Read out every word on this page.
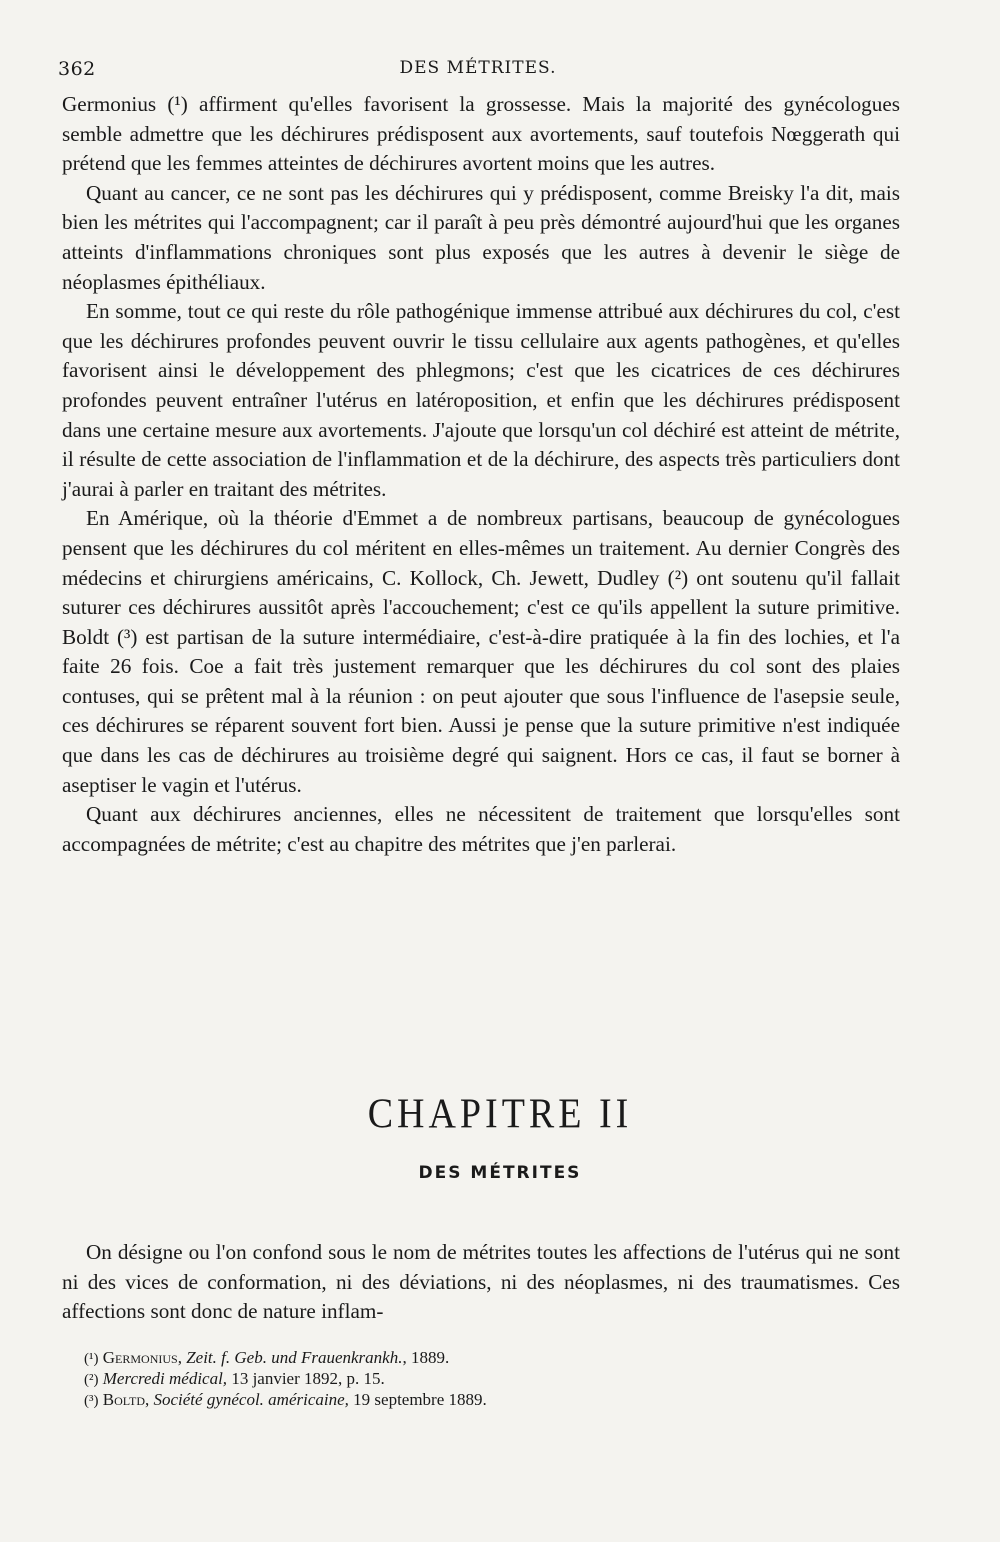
362	DES MÉTRITES.

Germonius (¹) affirment qu'elles favorisent la grossesse. Mais la majorité des gynécologues semble admettre que les déchirures prédisposent aux avortements, sauf toutefois Nœggerath qui prétend que les femmes atteintes de déchirures avortent moins que les autres.

Quant au cancer, ce ne sont pas les déchirures qui y prédisposent, comme Breisky l'a dit, mais bien les métrites qui l'accompagnent; car il paraît à peu près démontré aujourd'hui que les organes atteints d'inflammations chroniques sont plus exposés que les autres à devenir le siège de néoplasmes épithéliaux.

En somme, tout ce qui reste du rôle pathogénique immense attribué aux déchirures du col, c'est que les déchirures profondes peuvent ouvrir le tissu cellulaire aux agents pathogènes, et qu'elles favorisent ainsi le développement des phlegmons; c'est que les cicatrices de ces déchirures profondes peuvent entraîner l'utérus en latéroposition, et enfin que les déchirures prédisposent dans une certaine mesure aux avortements. J'ajoute que lorsqu'un col déchiré est atteint de métrite, il résulte de cette association de l'inflammation et de la déchirure, des aspects très particuliers dont j'aurai à parler en traitant des métrites.

En Amérique, où la théorie d'Emmet a de nombreux partisans, beaucoup de gynécologues pensent que les déchirures du col méritent en elles-mêmes un traitement. Au dernier Congrès des médecins et chirurgiens américains, C. Kollock, Ch. Jewett, Dudley (²) ont soutenu qu'il fallait suturer ces déchirures aussitôt après l'accouchement; c'est ce qu'ils appellent la suture primitive. Boldt (³) est partisan de la suture intermédiaire, c'est-à-dire pratiquée à la fin des lochies, et l'a faite 26 fois. Coe a fait très justement remarquer que les déchirures du col sont des plaies contuses, qui se prêtent mal à la réunion : on peut ajouter que sous l'influence de l'asepsie seule, ces déchirures se réparent souvent fort bien. Aussi je pense que la suture primitive n'est indiquée que dans les cas de déchirures au troisième degré qui saignent. Hors ce cas, il faut se borner à aseptiser le vagin et l'utérus.

Quant aux déchirures anciennes, elles ne nécessitent de traitement que lorsqu'elles sont accompagnées de métrite; c'est au chapitre des métrites que j'en parlerai.

CHAPITRE II
DES MÉTRITES

On désigne ou l'on confond sous le nom de métrites toutes les affections de l'utérus qui ne sont ni des vices de conformation, ni des déviations, ni des néoplasmes, ni des traumatismes. Ces affections sont donc de nature inflam-

(¹) Germonius, Zeit. f. Geb. und Frauenkrankh., 1889.

(²) Mercredi médical, 13 janvier 1892, p. 15.

(³) Boltd, Société gynécol. américaine, 19 septembre 1889.
